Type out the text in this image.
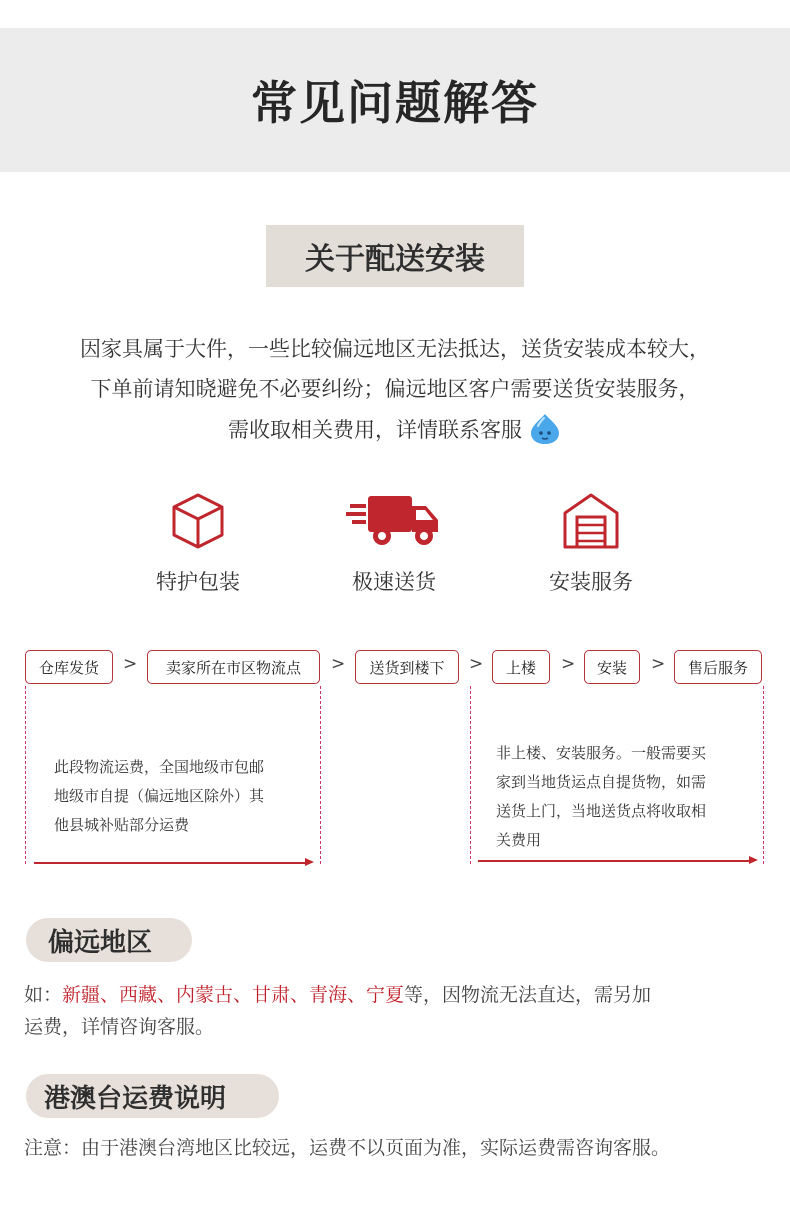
常见问题解答
关于配送安装
因家具属于大件，一些比较偏远地区无法抵达，送货安装成本较大，
下单前请知晓避免不必要纠纷；偏远地区客户需要送货安装服务，
需收取相关费用，详情联系客服
特护包装	极速送货	安装服务
仓库发货	>	卖家所在市区物流点	>	送货到楼下	>	上楼	>	安装	>	售后服务
此段物流运费，全国地级市包邮
地级市自提（偏远地区除外）其
他县城补贴部分运费
非上楼、安装服务。一般需要买
家到当地货运点自提货物，如需
送货上门，当地送货点将收取相
关费用
偏远地区
如：新疆、西藏、内蒙古、甘肃、青海、宁夏等，因物流无法直达，需另加
运费，详情咨询客服。
港澳台运费说明
注意：由于港澳台湾地区比较远，运费不以页面为准，实际运费需咨询客服。
